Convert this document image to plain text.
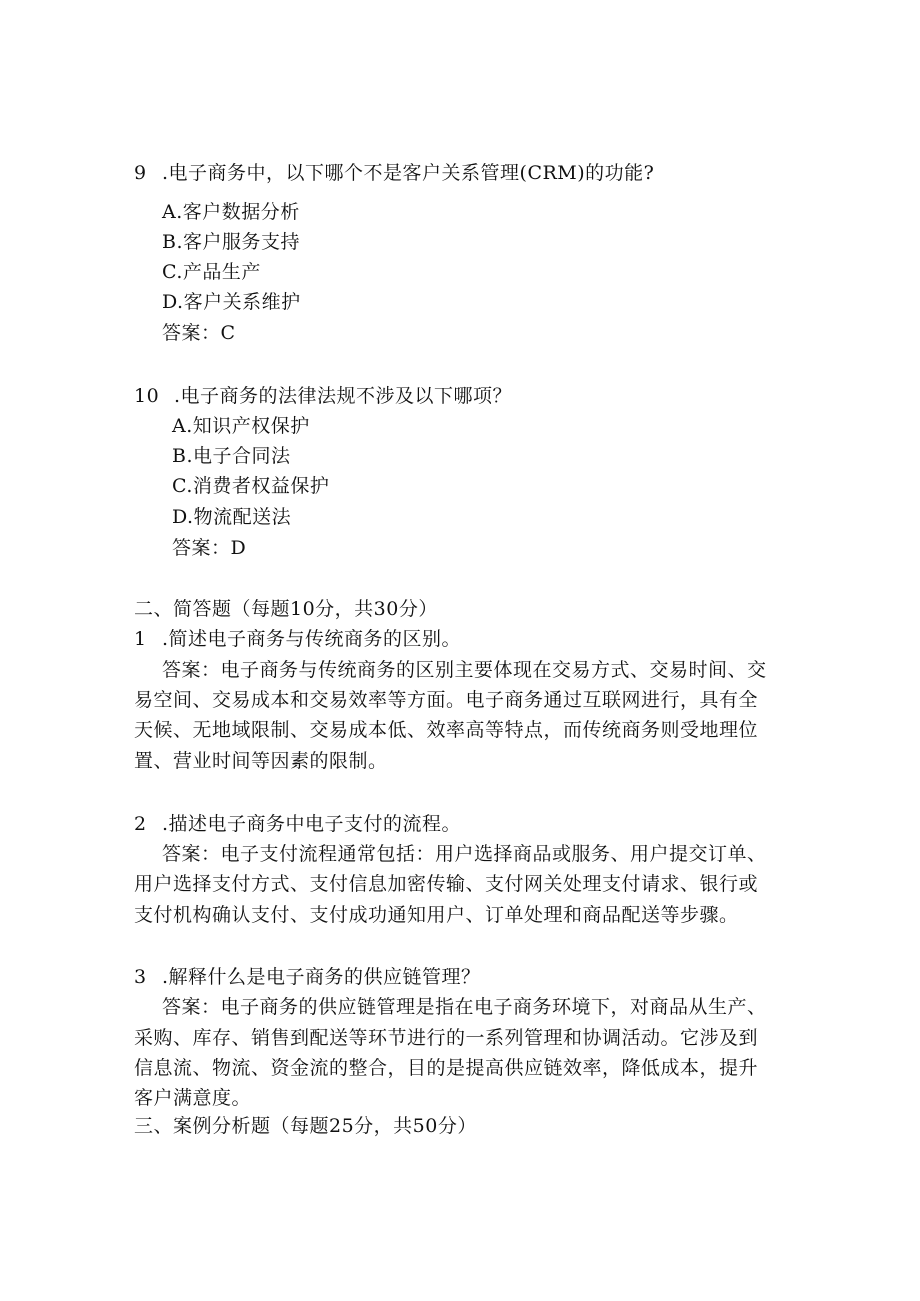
9 .电子商务中，以下哪个不是客户关系管理(CRM)的功能?
A.客户数据分析
B.客户服务支持
C.产品生产
D.客户关系维护
答案：C
10 .电子商务的法律法规不涉及以下哪项？
A.知识产权保护
B.电子合同法
C.消费者权益保护
D.物流配送法
答案：D
二、简答题（每题10分，共30分）
1 .简述电子商务与传统商务的区别。
答案：电子商务与传统商务的区别主要体现在交易方式、交易时间、交
易空间、交易成本和交易效率等方面。电子商务通过互联网进行，具有全
天候、无地域限制、交易成本低、效率高等特点，而传统商务则受地理位
置、营业时间等因素的限制。
2 .描述电子商务中电子支付的流程。
答案：电子支付流程通常包括：用户选择商品或服务、用户提交订单、
用户选择支付方式、支付信息加密传输、支付网关处理支付请求、银行或
支付机构确认支付、支付成功通知用户、订单处理和商品配送等步骤。
3 .解释什么是电子商务的供应链管理？
答案：电子商务的供应链管理是指在电子商务环境下，对商品从生产、
采购、库存、销售到配送等环节进行的一系列管理和协调活动。它涉及到
信息流、物流、资金流的整合，目的是提高供应链效率，降低成本，提升
客户满意度。
三、案例分析题（每题25分，共50分）
